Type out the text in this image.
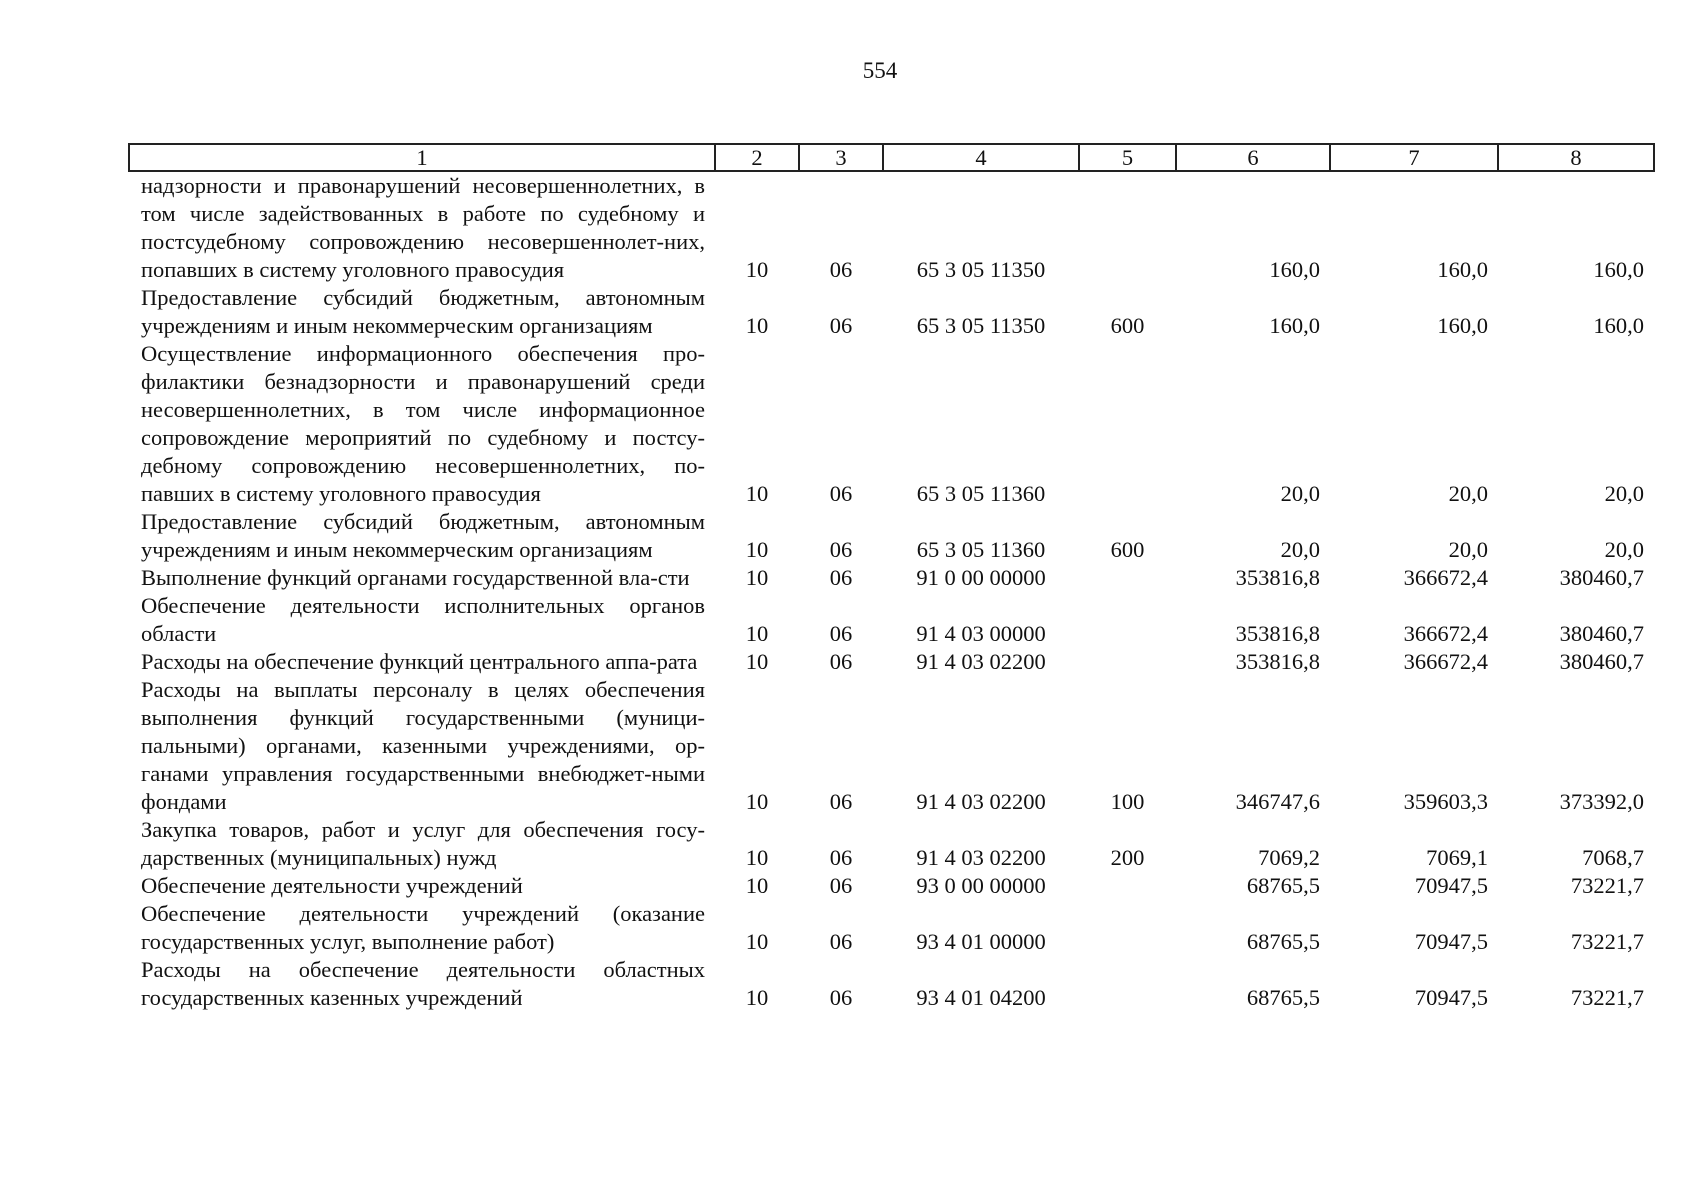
554
1	2	3	4	5	6	7	8
надзорности и правонарушений несовершеннолетних, в том числе задействованных в работе по судебному и постсудебному сопровождению несовершеннолет-них, попавших в систему уголовного правосудия	10	06	65 3 05 11350		160,0	160,0	160,0
Предоставление субсидий бюджетным, автономным учреждениям и иным некоммерческим организациям	10	06	65 3 05 11350	600	160,0	160,0	160,0
Осуществление информационного обеспечения про-филактики безнадзорности и правонарушений среди несовершеннолетних, в том числе информационное сопровождение мероприятий по судебному и постсу-дебному сопровождению несовершеннолетних, по-павших в систему уголовного правосудия	10	06	65 3 05 11360		20,0	20,0	20,0
Предоставление субсидий бюджетным, автономным учреждениям и иным некоммерческим организациям	10	06	65 3 05 11360	600	20,0	20,0	20,0
Выполнение функций органами государственной вла-сти	10	06	91 0 00 00000		353816,8	366672,4	380460,7
Обеспечение деятельности исполнительных органов области	10	06	91 4 03 00000		353816,8	366672,4	380460,7
Расходы на обеспечение функций центрального аппа-рата	10	06	91 4 03 02200		353816,8	366672,4	380460,7
Расходы на выплаты персоналу в целях обеспечения выполнения функций государственными (муници-пальными) органами, казенными учреждениями, ор-ганами управления государственными внебюджет-ными фондами	10	06	91 4 03 02200	100	346747,6	359603,3	373392,0
Закупка товаров, работ и услуг для обеспечения госу-дарственных (муниципальных) нужд	10	06	91 4 03 02200	200	7069,2	7069,1	7068,7
Обеспечение деятельности учреждений	10	06	93 0 00 00000		68765,5	70947,5	73221,7
Обеспечение деятельности учреждений (оказание государственных услуг, выполнение работ)	10	06	93 4 01 00000		68765,5	70947,5	73221,7
Расходы на обеспечение деятельности областных государственных казенных учреждений	10	06	93 4 01 04200		68765,5	70947,5	73221,7
